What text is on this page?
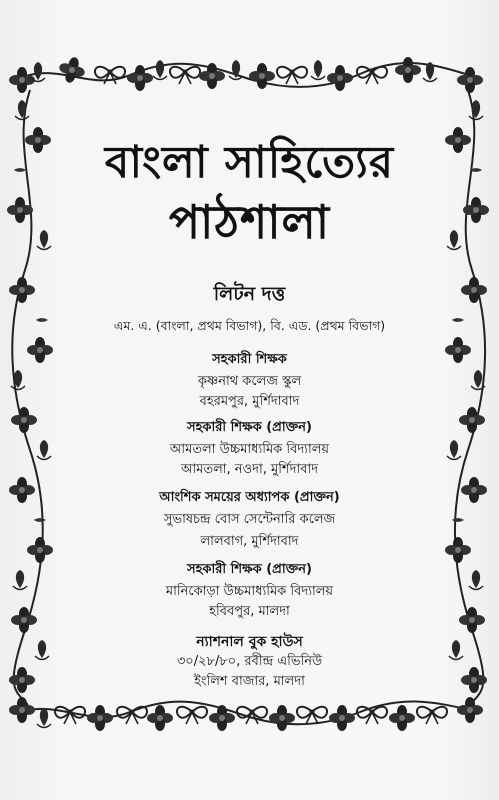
বাংলা সাহিত্যের
পাঠশালা
লিটন দত্ত
এম. এ. (বাংলা, প্রথম বিভাগ), বি. এড. (প্রথম বিভাগ)
সহকারী শিক্ষক
কৃষ্ণনাথ কলেজ স্কুল
বহরমপুর, মুর্শিদাবাদ
সহকারী শিক্ষক (প্রাক্তন)
আমতলা উচ্চমাধ্যমিক বিদ্যালয়
আমতলা, নওদা, মুর্শিদাবাদ
আংশিক সময়ের অধ্যাপক (প্রাক্তন)
সুভাষচন্দ্র বোস সেন্টেনারি কলেজ
লালবাগ, মুর্শিদাবাদ
সহকারী শিক্ষক (প্রাক্তন)
মানিকোড়া উচ্চমাধ্যমিক বিদ্যালয়
হবিবপুর, মালদা
ন্যাশনাল বুক হাউস
৩০/২৮/৮০, রবীন্দ্র এভিনিউ
ইংলিশ বাজার, মালদা
